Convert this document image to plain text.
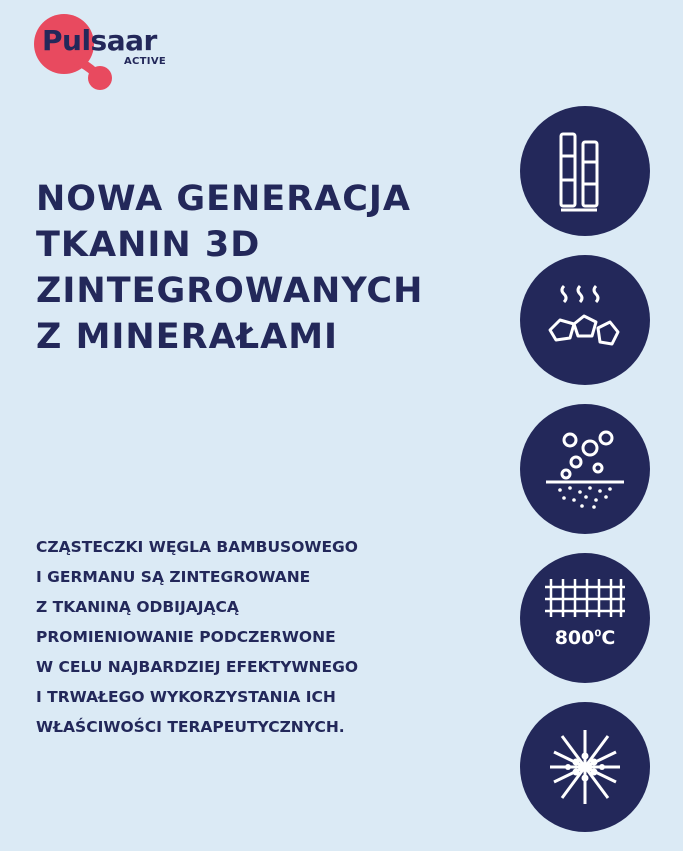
Pulsaar
ACTIVE
NOWA GENERACJA
TKANIN 3D
ZINTEGROWANYCH
Z MINERAŁAMI

CZĄSTECZKI WĘGLA BAMBUSOWEGO
I GERMANU SĄ ZINTEGROWANE
Z TKANINĄ ODBIJAJĄCĄ
PROMIENIOWANIE PODCZERWONE
W CELU NAJBARDZIEJ EFEKTYWNEGO
I TRWAŁEGO WYKORZYSTANIA ICH
WŁAŚCIWOŚCI TERAPEUTYCZNYCH.

$800^0C$
